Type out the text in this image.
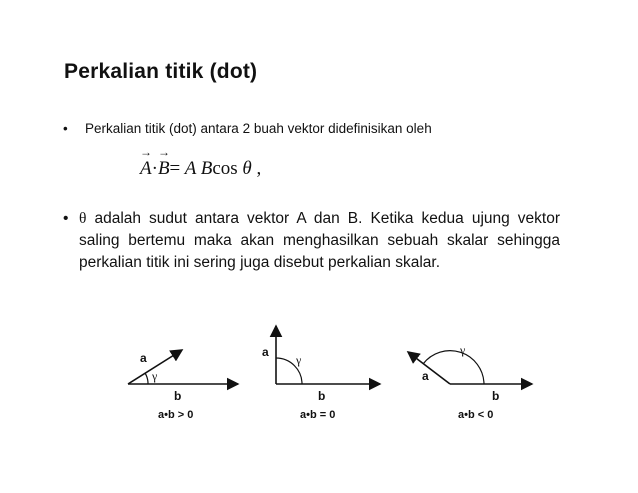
Perkalian titik (dot)
• Perkalian titik (dot) antara 2 buah vektor didefinisikan oleh
→ A·→ B= A Bcos θ ,
• θ adalah sudut antara vektor A dan B. Ketika kedua ujung vektor saling bertemu maka akan menghasilkan sebuah skalar sehingga perkalian titik ini sering juga disebut perkalian skalar.
a
γ
b
a•b > 0
a
γ
b
a•b = 0
a
γ
b
a•b < 0
